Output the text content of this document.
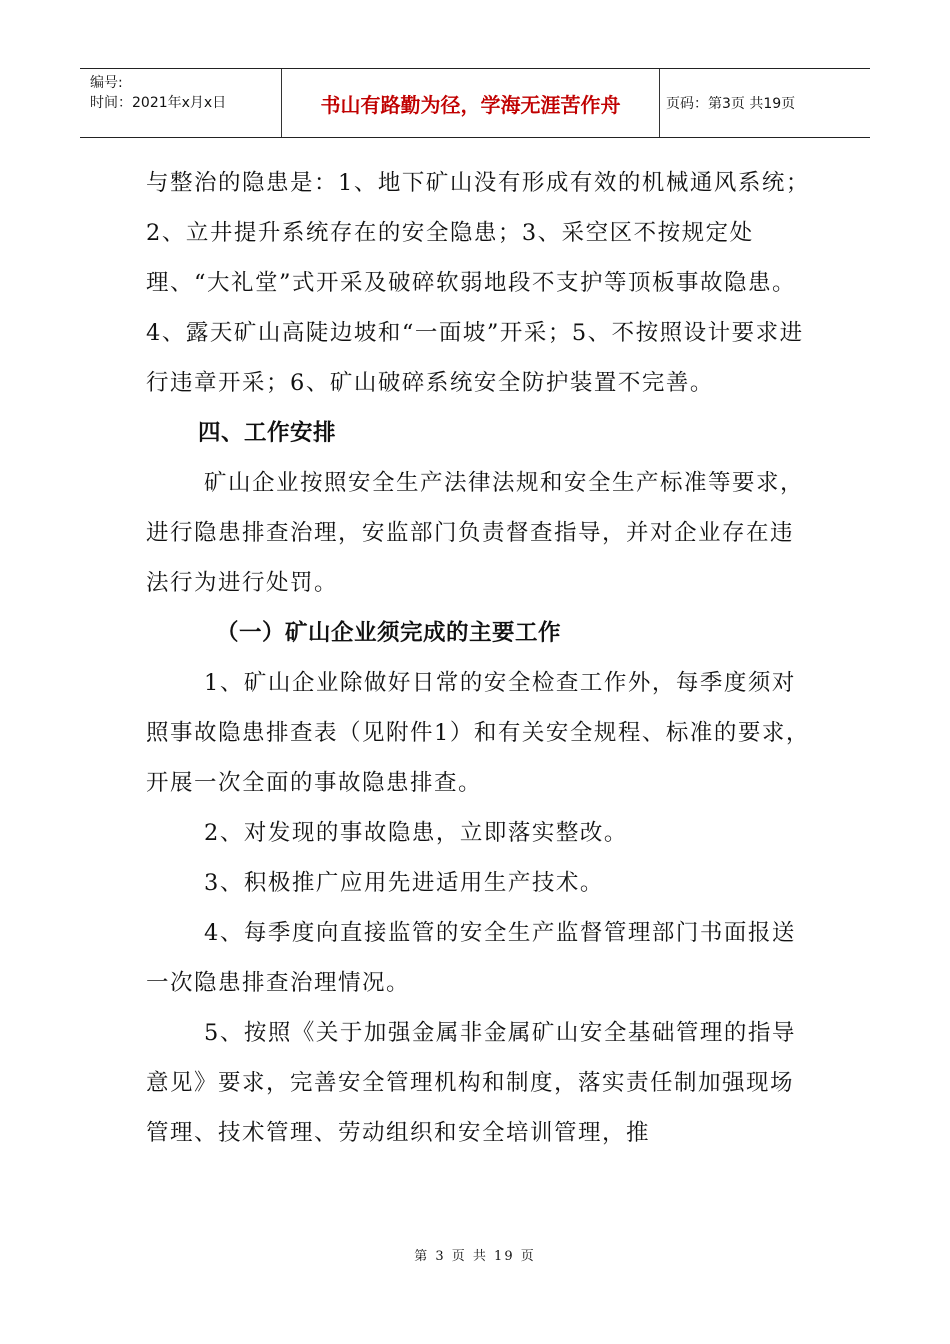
编号:
时间：2021年x月x日	书山有路勤为径，学海无涯苦作舟	页码：第3页 共19页

与整治的隐患是：1、地下矿山没有形成有效的机械通风系统；2、立井提升系统存在的安全隐患；3、采空区不按规定处理、“大礼堂”式开采及破碎软弱地段不支护等顶板事故隐患。4、露天矿山高陡边坡和“一面坡”开采；5、不按照设计要求进行违章开采；6、矿山破碎系统安全防护装置不完善。

四、工作安排

矿山企业按照安全生产法律法规和安全生产标准等要求，进行隐患排查治理，安监部门负责督查指导，并对企业存在违法行为进行处罚。

（一）矿山企业须完成的主要工作

1、矿山企业除做好日常的安全检查工作外，每季度须对照事故隐患排查表（见附件1）和有关安全规程、标准的要求，开展一次全面的事故隐患排查。

2、对发现的事故隐患，立即落实整改。

3、积极推广应用先进适用生产技术。

4、每季度向直接监管的安全生产监督管理部门书面报送一次隐患排查治理情况。

5、按照《关于加强金属非金属矿山安全基础管理的指导意见》要求，完善安全管理机构和制度，落实责任制加强现场管理、技术管理、劳动组织和安全培训管理，推

第 3 页 共 19 页
